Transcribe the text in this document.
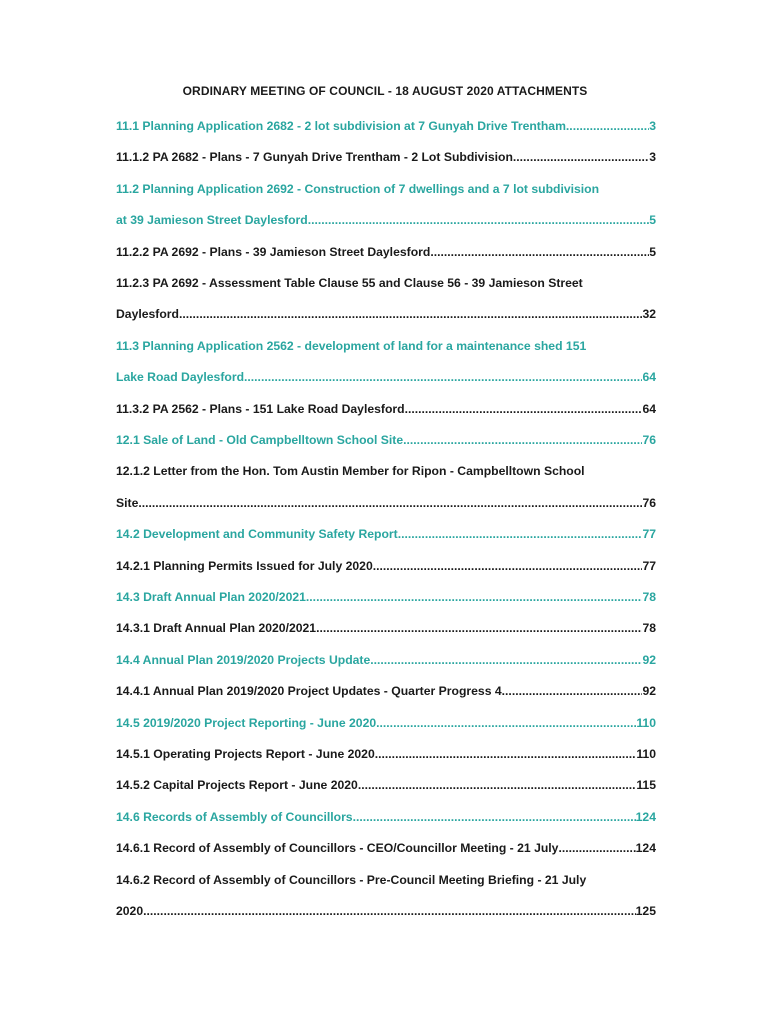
ORDINARY MEETING OF COUNCIL - 18 AUGUST 2020 ATTACHMENTS
11.1 Planning Application 2682 - 2 lot subdivision at 7 Gunyah Drive Trentham .....	3
11.1.2 PA 2682 - Plans - 7 Gunyah Drive Trentham - 2 Lot Subdivision .....	3
11.2 Planning Application 2692 - Construction of 7 dwellings and a 7 lot subdivision
at 39 Jamieson Street Daylesford .....	5
11.2.2 PA 2692 - Plans - 39 Jamieson Street Daylesford .....	5
11.2.3 PA 2692 - Assessment Table Clause 55 and Clause 56 - 39 Jamieson Street
Daylesford .....	32
11.3 Planning Application 2562 - development of land for a maintenance shed 151
Lake Road Daylesford .....	64
11.3.2 PA 2562 - Plans - 151 Lake Road Daylesford .....	64
12.1 Sale of Land - Old Campbelltown School Site .....	76
12.1.2 Letter from the Hon. Tom Austin Member for Ripon - Campbelltown School
Site .....	76
14.2 Development and Community Safety Report .....	77
14.2.1 Planning Permits Issued for July 2020 .....	77
14.3 Draft Annual Plan 2020/2021 .....	78
14.3.1 Draft Annual Plan 2020/2021 .....	78
14.4 Annual Plan 2019/2020 Projects Update .....	92
14.4.1 Annual Plan 2019/2020 Project Updates - Quarter Progress 4 .....	92
14.5 2019/2020 Project Reporting - June 2020 .....	110
14.5.1 Operating Projects Report - June 2020 .....	110
14.5.2 Capital Projects Report - June 2020 .....	115
14.6 Records of Assembly of Councillors .....	124
14.6.1 Record of Assembly of Councillors - CEO/Councillor Meeting - 21 July .....	124
14.6.2 Record of Assembly of Councillors - Pre-Council Meeting Briefing - 21 July
2020 .....	125
